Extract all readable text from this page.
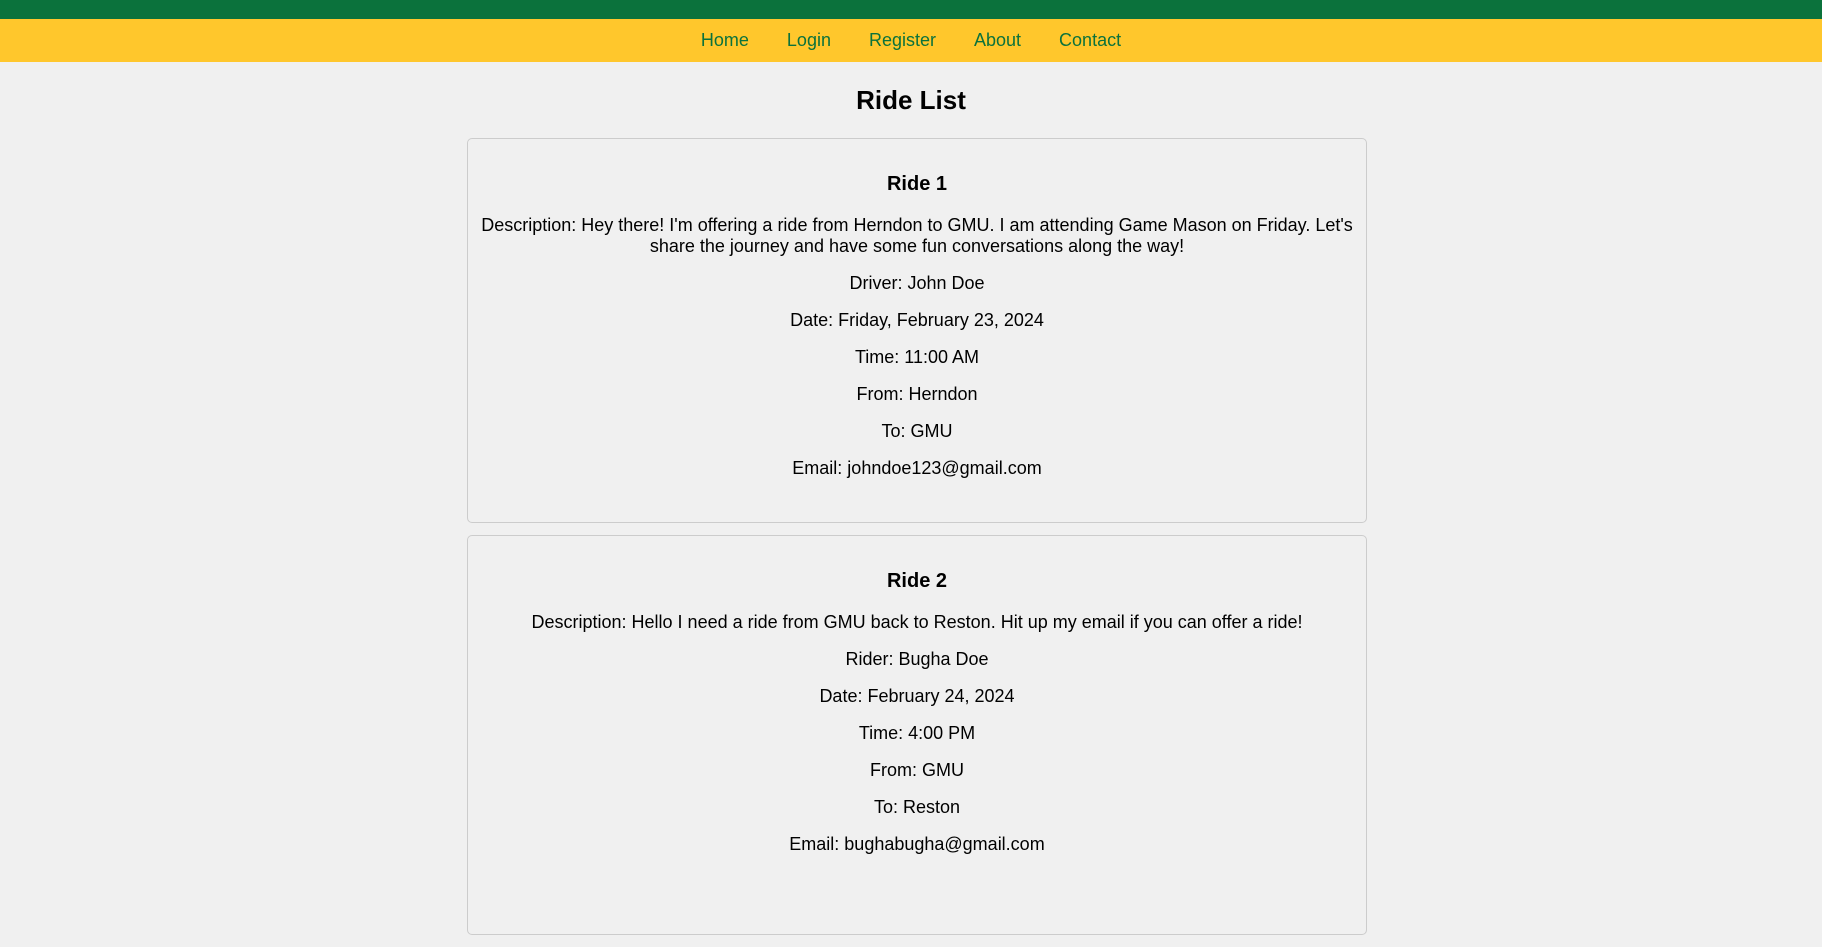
Home Login Register About Contact
Ride List
Ride 1

Description: Hey there! I'm offering a ride from Herndon to GMU. I am attending Game Mason on Friday. Let's share the journey and have some fun conversations along the way!

Driver: John Doe

Date: Friday, February 23, 2024

Time: 11:00 AM

From: Herndon

To: GMU

Email: johndoe123@gmail.com

Ride 2

Description: Hello I need a ride from GMU back to Reston. Hit up my email if you can offer a ride!

Rider: Bugha Doe

Date: February 24, 2024

Time: 4:00 PM

From: GMU

To: Reston

Email: bughabugha@gmail.com
